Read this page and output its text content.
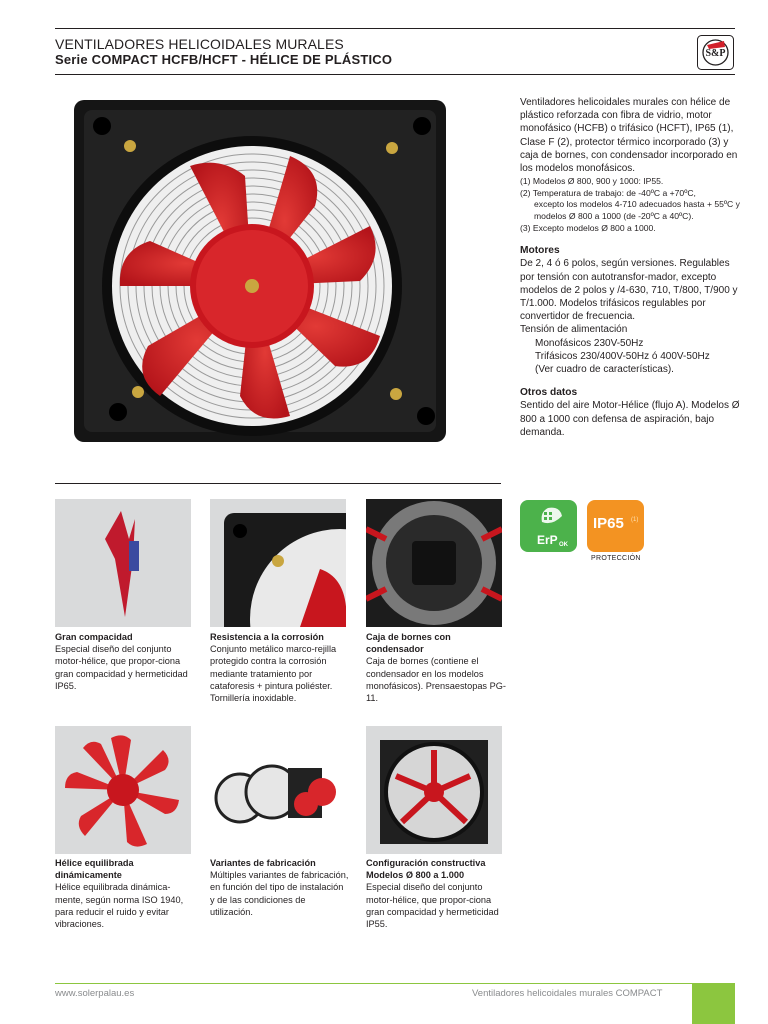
VENTILADORES HELICOIDALES MURALES
Serie COMPACT HCFB/HCFT - HÉLICE DE PLÁSTICO	S&P

Ventiladores helicoidales murales con hélice de plástico reforzada con fibra de vidrio, motor monofásico (HCFB) o trifásico (HCFT), IP65 (1), Clase F (2), protector térmico incorporado (3) y caja de bornes, con condensador incorporado en los modelos monofásicos.

(1) Modelos Ø 800, 900 y 1000: IP55.
(2) Temperatura de trabajo: de -40ºC a +70ºC,
excepto los modelos 4-710 adecuados hasta + 55ºC y modelos Ø 800 a 1000 (de -20ºC a 40ºC).
(3) Excepto modelos Ø 800 a 1000.
Motores
De 2, 4 ó 6 polos, según versiones. Regulables por tensión con autotransfor-mador, excepto modelos de 2 polos y /4-630, 710, T/800, T/900 y T/1.000. Modelos trifásicos regulables por convertidor de frecuencia.
Tensión de alimentación
Monofásicos 230V-50Hz
Trifásicos 230/400V-50Hz ó 400V-50Hz
(Ver cuadro de características).
Otros datos
Sentido del aire Motor-Hélice (flujo A). Modelos Ø 800 a 1000 con defensa de aspiración, bajo demanda.
ErP OK
IP65 (1)
PROTECCIÓN
Gran compacidad
Especial diseño del conjunto motor-hélice, que propor-ciona gran compacidad y hermeticidad IP65.
Resistencia a la corrosión
Conjunto metálico marco-rejilla protegido contra la corrosión mediante tratamiento por cataforesis + pintura poliéster. Tornillería inoxidable.
Caja de bornes con condensador
Caja de bornes (contiene el condensador en los modelos monofásicos). Prensaestopas PG-11.
Hélice equilibrada dinámicamente
Hélice equilibrada dinámica-mente, según norma ISO 1940, para reducir el ruido y evitar vibraciones.
Variantes de fabricación
Múltiples variantes de fabricación, en función del tipo de instalación y de las condiciones de utilización.
Configuración constructiva Modelos Ø 800 a 1.000
Especial diseño del conjunto motor-hélice, que propor-ciona gran compacidad y hermeticidad IP55.
www.solerpalau.es	Ventiladores helicoidales murales COMPACT
